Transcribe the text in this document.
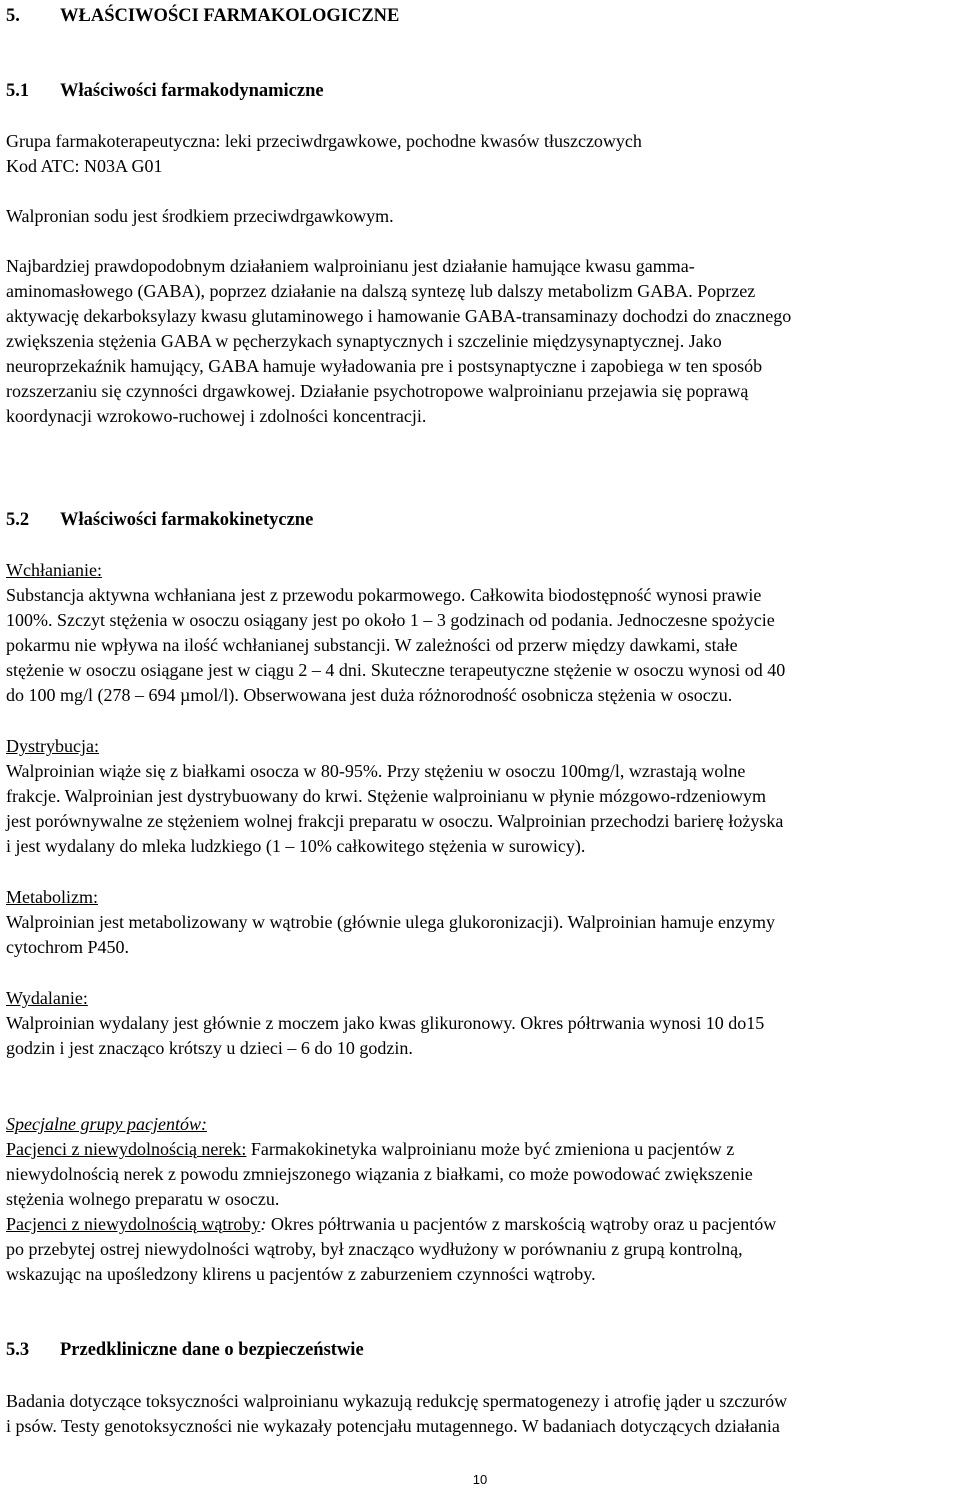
5. WŁAŚCIWOŚCI FARMAKOLOGICZNE
5.1 Właściwości farmakodynamiczne
Grupa farmakoterapeutyczna: leki przeciwdrgawkowe, pochodne kwasów tłuszczowych
Kod ATC: N03A G01
Walpronian sodu jest środkiem przeciwdrgawkowym.
Najbardziej prawdopodobnym działaniem walproinianu jest działanie hamujące kwasu gamma-
aminomasłowego (GABA), poprzez działanie na dalszą syntezę lub dalszy metabolizm GABA. Poprzez
aktywację dekarboksylazy kwasu glutaminowego i hamowanie GABA-transaminazy dochodzi do znacznego
zwiększenia stężenia GABA w pęcherzykach synaptycznych i szczelinie międzysynaptycznej. Jako
neuroprzekaźnik hamujący, GABA hamuje wyładowania pre i postsynaptyczne i zapobiega w ten sposób
rozszerzaniu się czynności drgawkowej. Działanie psychotropowe walproinianu przejawia się poprawą
koordynacji wzrokowo-ruchowej i zdolności koncentracji.
5.2 Właściwości farmakokinetyczne
Wchłanianie:
Substancja aktywna wchłaniana jest z przewodu pokarmowego. Całkowita biodostępność wynosi prawie
100%. Szczyt stężenia w osoczu osiągany jest po około 1 – 3 godzinach od podania. Jednoczesne spożycie
pokarmu nie wpływa na ilość wchłanianej substancji. W zależności od przerw między dawkami, stałe
stężenie w osoczu osiągane jest w ciągu 2 – 4 dni. Skuteczne terapeutyczne stężenie w osoczu wynosi od 40
do 100 mg/l (278 – 694 µmol/l). Obserwowana jest duża różnorodność osobnicza stężenia w osoczu.
Dystrybucja:
Walproinian wiąże się z białkami osocza w 80-95%. Przy stężeniu w osoczu 100mg/l, wzrastają wolne
frakcje. Walproinian jest dystrybuowany do krwi. Stężenie walproinianu w płynie mózgowo-rdzeniowym
jest porównywalne ze stężeniem wolnej frakcji preparatu w osoczu. Walproinian przechodzi barierę łożyska
i jest wydalany do mleka ludzkiego (1 – 10% całkowitego stężenia w surowicy).
Metabolizm:
Walproinian jest metabolizowany w wątrobie (głównie ulega glukoronizacji). Walproinian hamuje enzymy
cytochrom P450.
Wydalanie:
Walproinian wydalany jest głównie z moczem jako kwas glikuronowy. Okres półtrwania wynosi 10 do15
godzin i jest znacząco krótszy u dzieci – 6 do 10 godzin.
Specjalne grupy pacjentów:
Pacjenci z niewydolnością nerek: Farmakokinetyka walproinianu może być zmieniona u pacjentów z
niewydolnością nerek z powodu zmniejszonego wiązania z białkami, co może powodować zwiększenie
stężenia wolnego preparatu w osoczu.
Pacjenci z niewydolnością wątroby: Okres półtrwania u pacjentów z marskością wątroby oraz u pacjentów
po przebytej ostrej niewydolności wątroby, był znacząco wydłużony w porównaniu z grupą kontrolną,
wskazując na upośledzony klirens u pacjentów z zaburzeniem czynności wątroby.
5.3 Przedkliniczne dane o bezpieczeństwie
Badania dotyczące toksyczności walproinianu wykazują redukcję spermatogenezy i atrofię jąder u szczurów
i psów. Testy genotoksyczności nie wykazały potencjału mutagennego. W badaniach dotyczących działania
10
